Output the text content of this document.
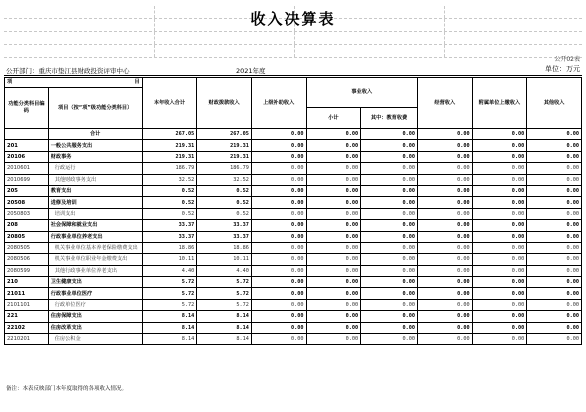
收入决算表
公开02表
公开部门：重庆市垫江县财政投资评审中心	2021年度	单位：万元
项 目		本年收入合计	财政拨款收入	上级补助收入	事业收入		经营收入	附属单位上缴收入	其他收入
功能分类科目编码	项目（按“项”级功能分类科目）								
					小计	其中：教育收费			
	合计	267.05	267.05	0.00	0.00	0.00	0.00	0.00	0.00
201	一般公共服务支出	219.31	219.31	0.00	0.00	0.00	0.00	0.00	0.00
20106	财政事务	219.31	219.31	0.00	0.00	0.00	0.00	0.00	0.00
2010601	行政运行	186.79	186.79	0.00	0.00	0.00	0.00	0.00	0.00
2010699	其他财政事务支出	32.52	32.52	0.00	0.00	0.00	0.00	0.00	0.00
205	教育支出	0.52	0.52	0.00	0.00	0.00	0.00	0.00	0.00
20508	进修及培训	0.52	0.52	0.00	0.00	0.00	0.00	0.00	0.00
2050803	培训支出	0.52	0.52	0.00	0.00	0.00	0.00	0.00	0.00
208	社会保障和就业支出	33.37	33.37	0.00	0.00	0.00	0.00	0.00	0.00
20805	行政事业单位养老支出	33.37	33.37	0.00	0.00	0.00	0.00	0.00	0.00
2080505	机关事业单位基本养老保险缴费支出	18.86	18.86	0.00	0.00	0.00	0.00	0.00	0.00
2080506	机关事业单位职业年金缴费支出	10.11	10.11	0.00	0.00	0.00	0.00	0.00	0.00
2080599	其他行政事业单位养老支出	4.40	4.40	0.00	0.00	0.00	0.00	0.00	0.00
210	卫生健康支出	5.72	5.72	0.00	0.00	0.00	0.00	0.00	0.00
21011	行政事业单位医疗	5.72	5.72	0.00	0.00	0.00	0.00	0.00	0.00
2101101	行政单位医疗	5.72	5.72	0.00	0.00	0.00	0.00	0.00	0.00
221	住房保障支出	8.14	8.14	0.00	0.00	0.00	0.00	0.00	0.00
22102	住房改革支出	8.14	8.14	0.00	0.00	0.00	0.00	0.00	0.00
2210201	住房公积金	8.14	8.14	0.00	0.00	0.00	0.00	0.00	0.00
备注：本表反映部门本年度取得的各项收入情况。
